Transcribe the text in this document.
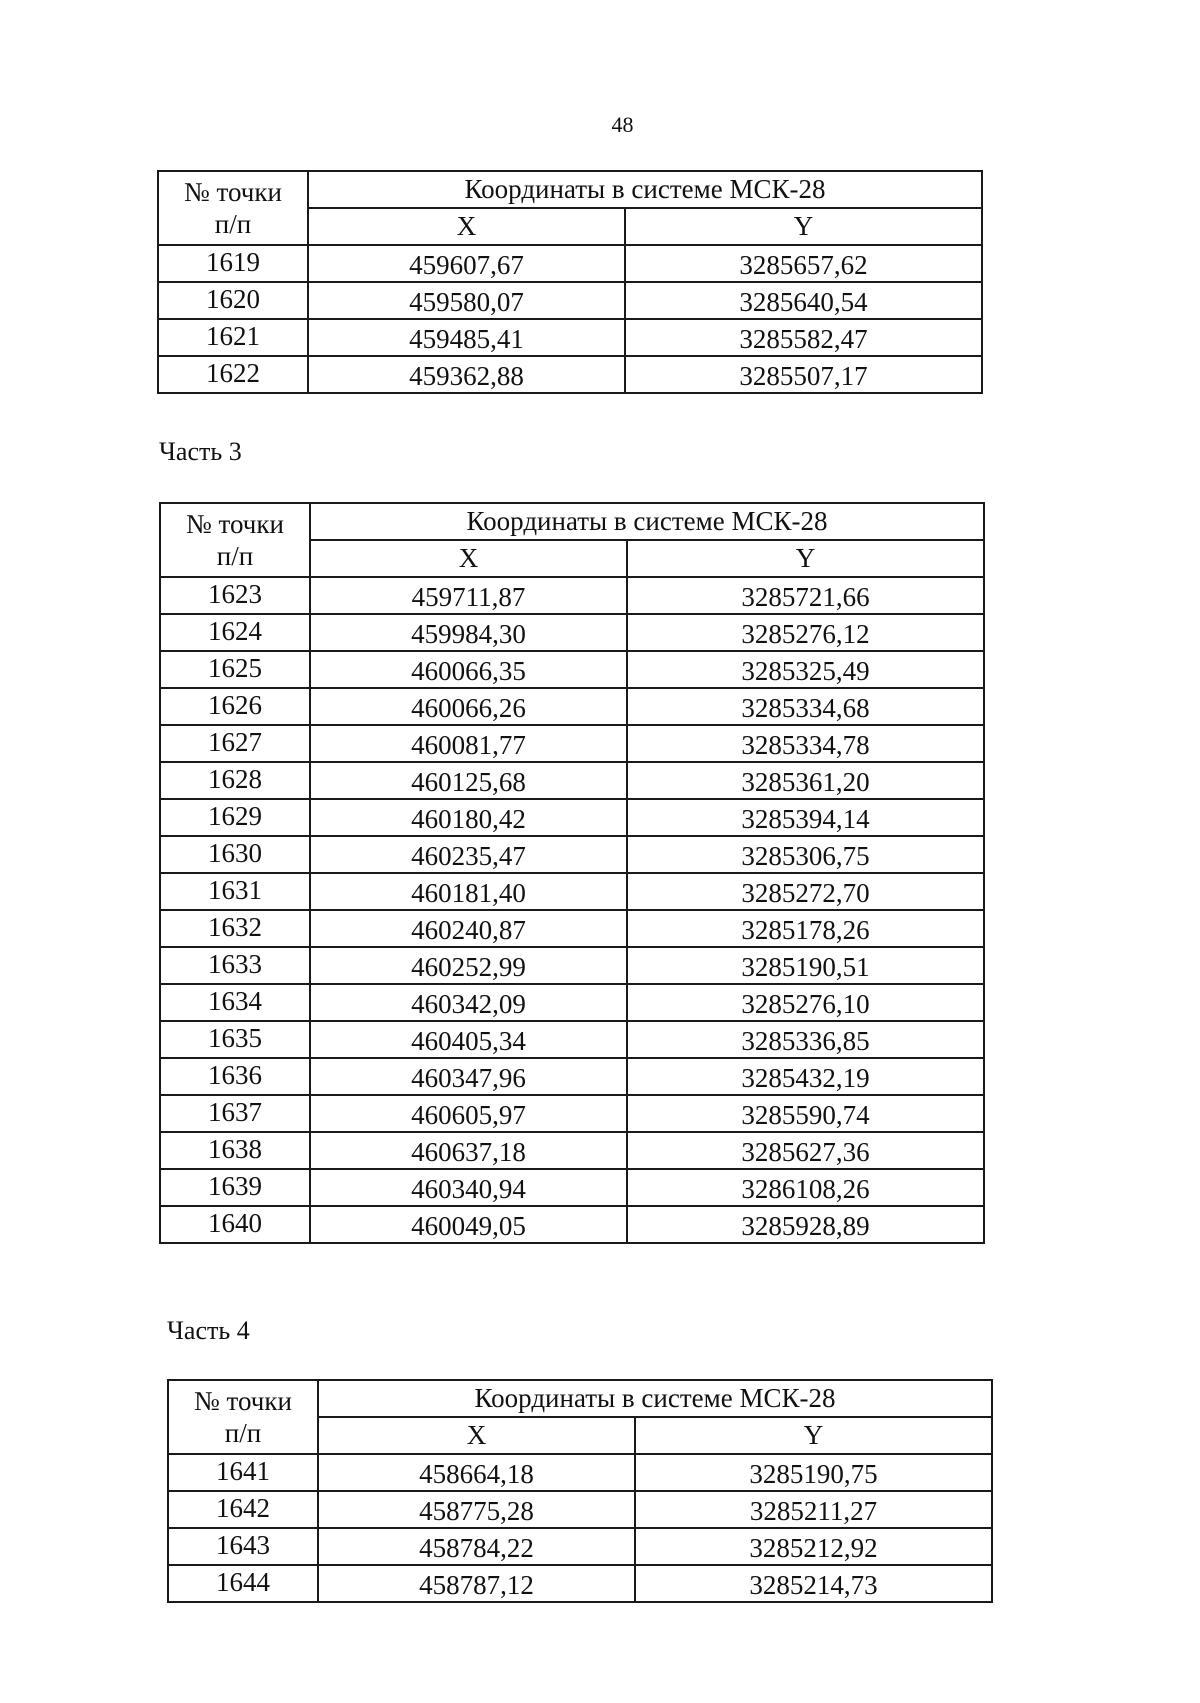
48
№ точки
п/п	Координаты в системе МСК-28	
	X	Y
1619	459607,67	3285657,62
1620	459580,07	3285640,54
1621	459485,41	3285582,47
1622	459362,88	3285507,17
Часть 3
№ точки
п/п	Координаты в системе МСК-28	
	X	Y
1623	459711,87	3285721,66
1624	459984,30	3285276,12
1625	460066,35	3285325,49
1626	460066,26	3285334,68
1627	460081,77	3285334,78
1628	460125,68	3285361,20
1629	460180,42	3285394,14
1630	460235,47	3285306,75
1631	460181,40	3285272,70
1632	460240,87	3285178,26
1633	460252,99	3285190,51
1634	460342,09	3285276,10
1635	460405,34	3285336,85
1636	460347,96	3285432,19
1637	460605,97	3285590,74
1638	460637,18	3285627,36
1639	460340,94	3286108,26
1640	460049,05	3285928,89
Часть 4
№ точки
п/п	Координаты в системе МСК-28	
	X	Y
1641	458664,18	3285190,75
1642	458775,28	3285211,27
1643	458784,22	3285212,92
1644	458787,12	3285214,73
